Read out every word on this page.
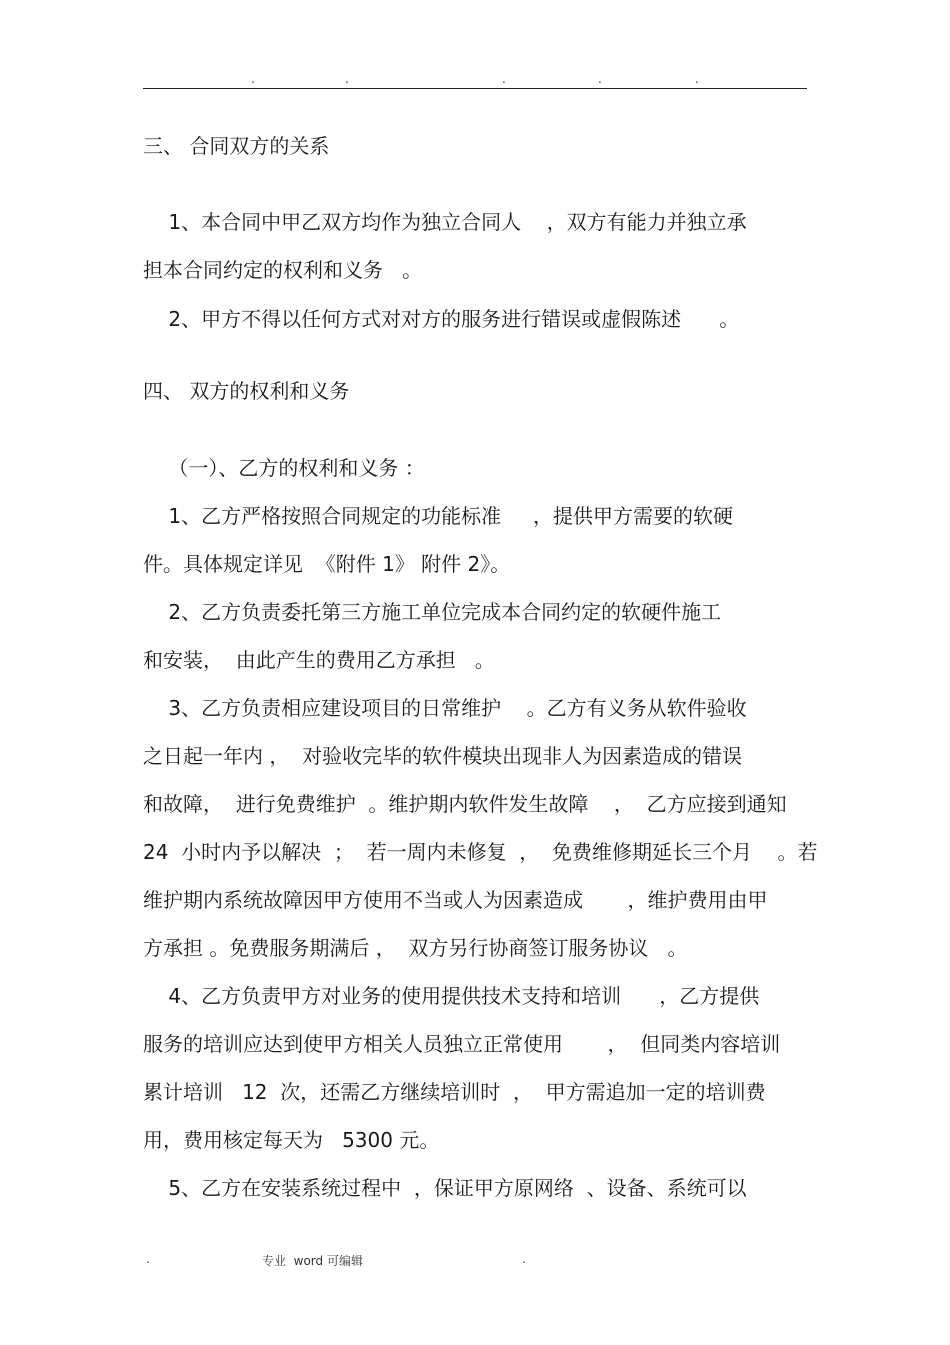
.	.	.	.	.
三、 合同双方的关系
1、本合同中甲乙双方均作为独立合同人    ，双方有能力并独立承
担本合同约定的权利和义务   。
2、甲方不得以任何方式对对方的服务进行错误或虚假陈述      。
四、 双方的权利和义务
（一）、乙方的权利和义务 ：
1、乙方严格按照合同规定的功能标准     ，提供甲方需要的软硬
件。具体规定详见  《附件 1》 附件 2》。
2、乙方负责委托第三方施工单位完成本合同约定的软硬件施工
和安装，  由此产生的费用乙方承担   。
3、乙方负责相应建设项目的日常维护    。乙方有义务从软件验收
之日起一年内 ，  对验收完毕的软件模块出现非人为因素造成的错误
和故障，  进行免费维护  。维护期内软件发生故障    ，  乙方应接到通知
24  小时内予以解决  ；  若一周内未修复  ，  免费维修期延长三个月    。若
维护期内系统故障因甲方使用不当或人为因素造成       ，维护费用由甲
方承担 。免费服务期满后 ，  双方另行协商签订服务协议   。
4、乙方负责甲方对业务的使用提供技术支持和培训      ，乙方提供
服务的培训应达到使甲方相关人员独立正常使用       ，  但同类内容培训
累计培训   12  次，还需乙方继续培训时  ，  甲方需追加一定的培训费
用，费用核定每天为   5300 元。
5、乙方在安装系统过程中  ，保证甲方原网络  、设备、系统可以
.	专业  word 可编辑	.
